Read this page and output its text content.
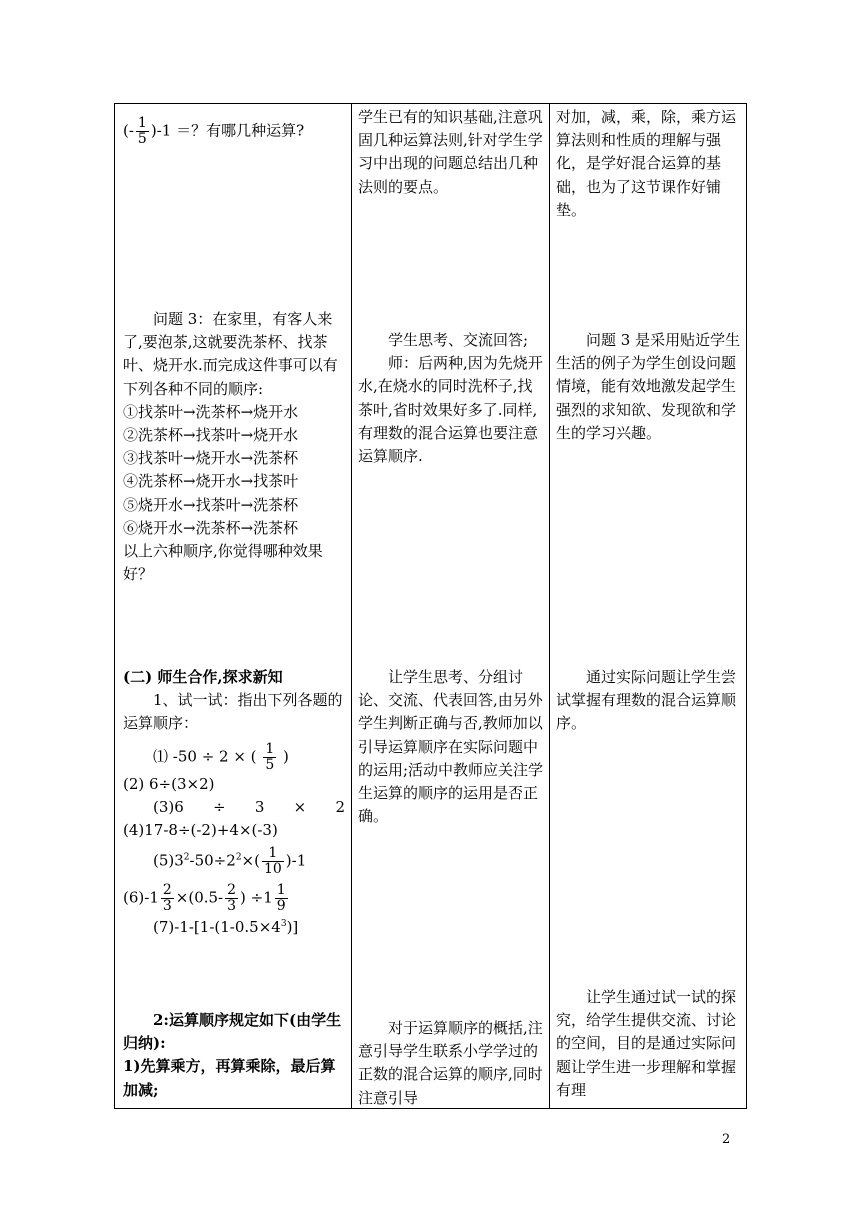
(- $\frac{1}{5} )-1$ ＝？有哪几种运算?

问题 3：在家里，有客人来了,要泡茶,这就要洗茶杯、找茶叶、烧开水.而完成这件事可以有下列各种不同的顺序:

①找茶叶→洗茶杯→烧开水

②洗茶杯→找茶叶→烧开水

③找茶叶→烧开水→洗茶杯

④洗茶杯→烧开水→找茶叶

⑤烧开水→找茶叶→洗茶杯

⑥烧开水→洗茶杯→洗茶杯

以上六种顺序,你觉得哪种效果好？

(二) 师生合作,探求新知

1、试一试：指出下列各题的运算顺序：

⑴ -50 ÷ 2 × ( $\frac{1}{5}$ )

(2) 6÷(3×2)

(3)6 ÷ 3 × 2

(4)17-8÷(-2)+4×(-3)

$(5)3^2-50\div 2^2\times( \frac{1}{10} )-1$
$(6)-1 \frac{2}{3} \times(0.5- \frac{2}{3}$ ) $\div 1 \frac{1}{9}$
$(7)-1-[1-(1-0.5\times 4^3)]$

2:运算顺序规定如下(由学生归纳):

1)先算乘方，再算乘除，最后算加减;

学生已有的知识基础,注意巩固几种运算法则,针对学生学习中出现的问题总结出几种法则的要点。

学生思考、交流回答;

师：后两种,因为先烧开水,在烧水的同时洗杯子,找茶叶,省时效果好多了.同样,有理数的混合运算也要注意运算顺序.

让学生思考、分组讨论、交流、代表回答,由另外学生判断正确与否,教师加以引导运算顺序在实际问题中的运用;活动中教师应关注学生运算的顺序的运用是否正确。

对于运算顺序的概括,注意引导学生联系小学学过的正数的混合运算的顺序,同时注意引导

对加，减，乘，除，乘方运算法则和性质的理解与强化，是学好混合运算的基础，也为了这节课作好铺垫。

问题 3 是采用贴近学生生活的例子为学生创设问题情境，能有效地激发起学生强烈的求知欲、发现欲和学生的学习兴趣。

通过实际问题让学生尝试掌握有理数的混合运算顺序。

让学生通过试一试的探究，给学生提供交流、讨论的空间，目的是通过实际问题让学生进一步理解和掌握有理

2
